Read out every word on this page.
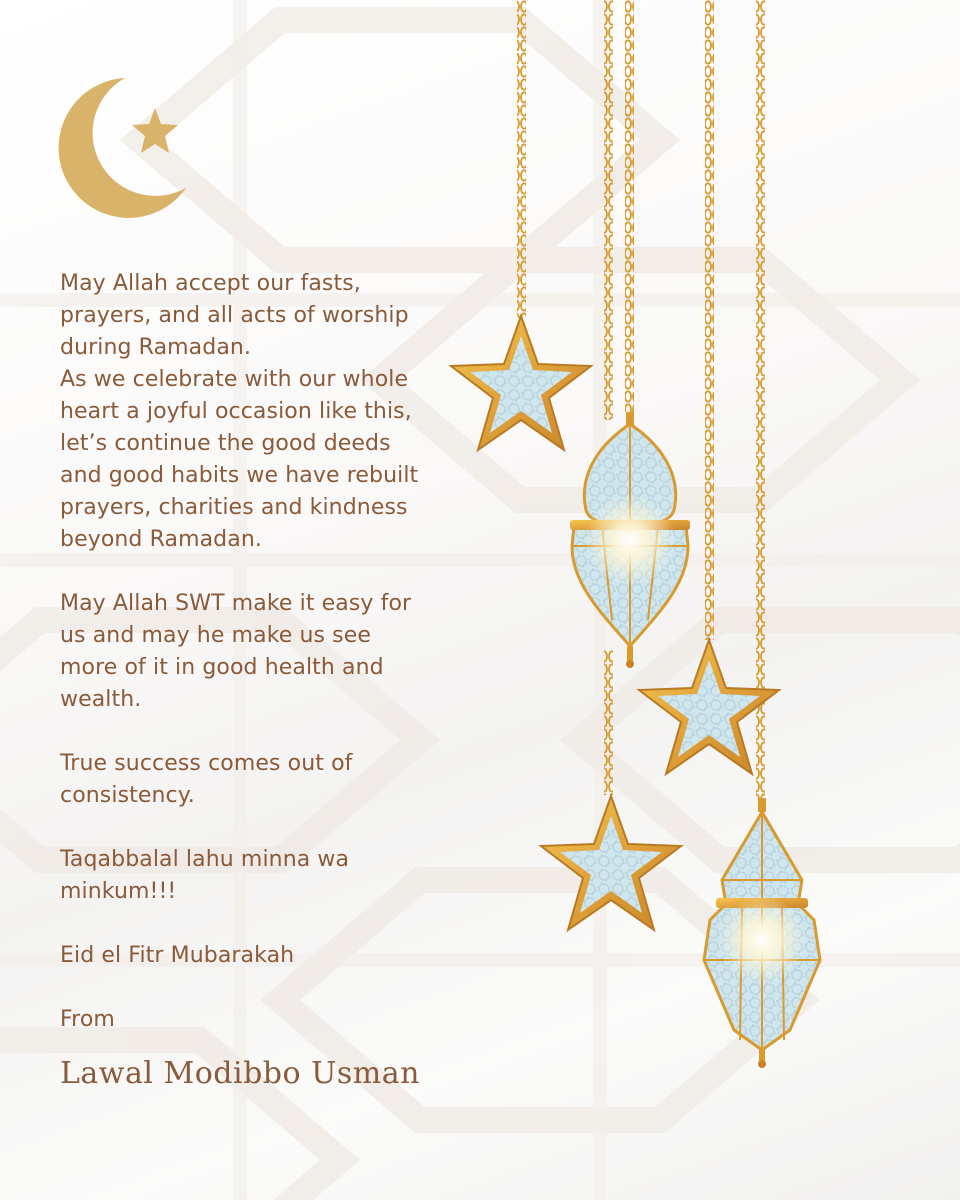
May Allah accept our fasts,

prayers, and all acts of worship

during Ramadan.

As we celebrate with our whole

heart a joyful occasion like this,

let’s continue the good deeds

and good habits we have rebuilt

prayers, charities and kindness

beyond Ramadan.

May Allah SWT make it easy for

us and may he make us see

more of it in good health and

wealth.

True success comes out of

consistency.

Taqabbalal lahu minna wa

minkum!!!

Eid el Fitr Mubarakah

From

Lawal Modibbo Usman
